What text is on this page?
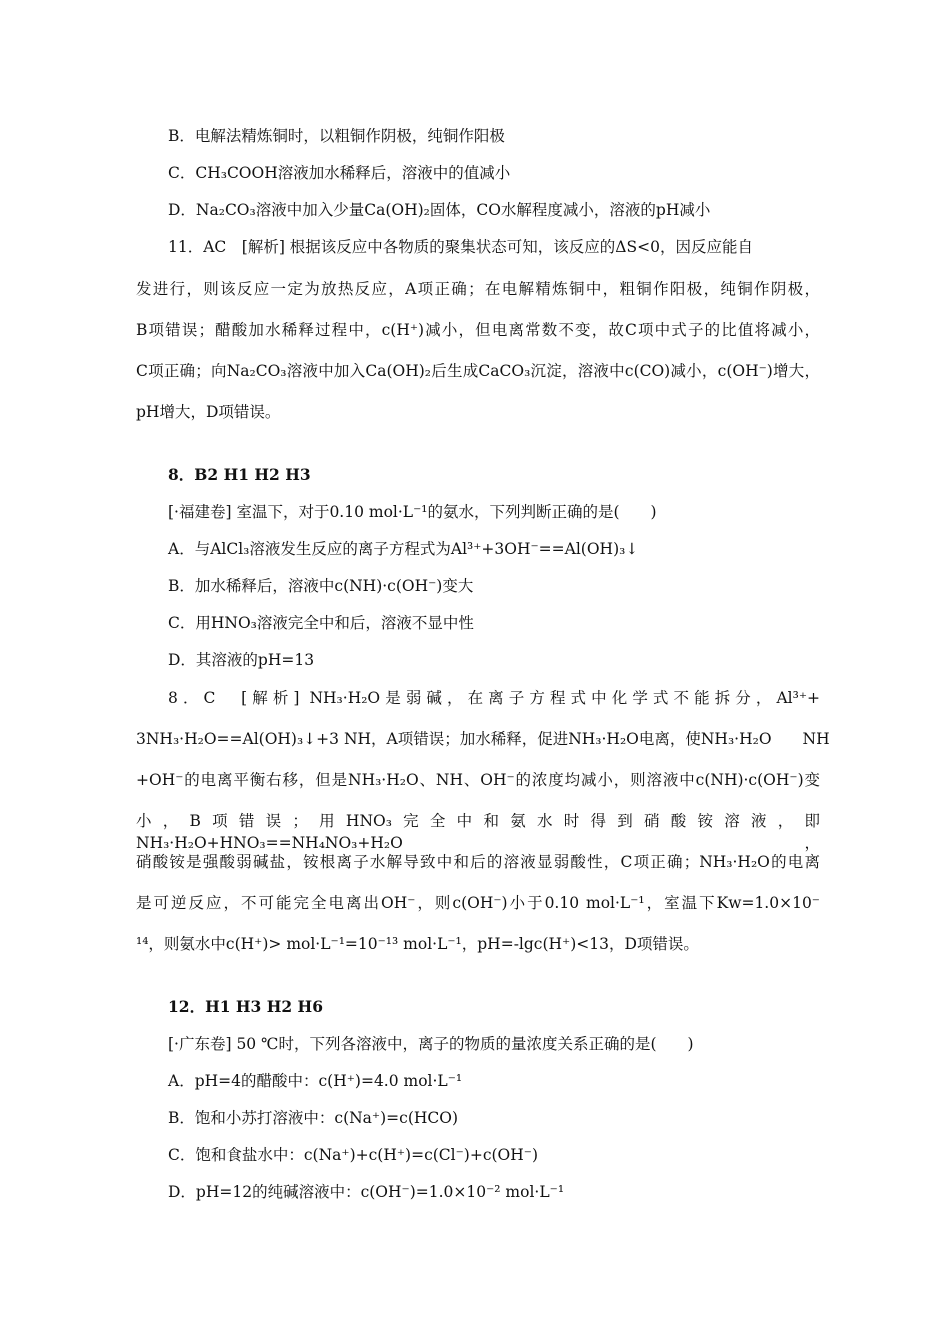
B．电解法精炼铜时，以粗铜作阴极，纯铜作阳极
C．CH₃COOH溶液加水稀释后，溶液中的值减小
D．Na₂CO₃溶液中加入少量Ca(OH)₂固体，CO水解程度减小，溶液的pH减小
11．AC　[解析] 根据该反应中各物质的聚集状态可知，该反应的ΔS<0，因反应能自
发进行，则该反应一定为放热反应，A项正确；在电解精炼铜中，粗铜作阳极，纯铜作阴极，
B项错误；醋酸加水稀释过程中，c(H⁺)减小，但电离常数不变，故C项中式子的比值将减小，
C项正确；向Na₂CO₃溶液中加入Ca(OH)₂后生成CaCO₃沉淀，溶液中c(CO)减小，c(OH⁻)增大，
pH增大，D项错误。
8．B2 H1 H2 H3
[·福建卷] 室温下，对于0.10 mol·L⁻¹的氨水，下列判断正确的是(　　)
A．与AlCl₃溶液发生反应的离子方程式为Al³⁺+3OH⁻==Al(OH)₃↓
B．加水稀释后，溶液中c(NH)·c(OH⁻)变大
C．用HNO₃溶液完全中和后，溶液不显中性
D．其溶液的pH=13
8．C　[解析] NH₃·H₂O是弱碱，在离子方程式中化学式不能拆分，Al³⁺+
3NH₃·H₂O==Al(OH)₃↓+3 NH，A项错误；加水稀释，促进NH₃·H₂O电离，使NH₃·H₂O　　NH
+OH⁻的电离平衡右移，但是NH₃·H₂O、NH、OH⁻的浓度均减小，则溶液中c(NH)·c(OH⁻)变
小，B项错误；用HNO₃完全中和氨水时得到硝酸铵溶液，即NH₃·H₂O+HNO₃==NH₄NO₃+H₂O，
硝酸铵是强酸弱碱盐，铵根离子水解导致中和后的溶液显弱酸性，C项正确；NH₃·H₂O的电离
是可逆反应，不可能完全电离出OH⁻，则c(OH⁻)小于0.10 mol·L⁻¹，室温下Kw=1.0×10⁻
¹⁴，则氨水中c(H⁺)> mol·L⁻¹=10⁻¹³ mol·L⁻¹，pH=-lgc(H⁺)<13，D项错误。
12．H1 H3 H2 H6
[·广东卷] 50 ℃时，下列各溶液中，离子的物质的量浓度关系正确的是(　　)
A．pH=4的醋酸中：c(H⁺)=4.0 mol·L⁻¹
B．饱和小苏打溶液中：c(Na⁺)=c(HCO)
C．饱和食盐水中：c(Na⁺)+c(H⁺)=c(Cl⁻)+c(OH⁻)
D．pH=12的纯碱溶液中：c(OH⁻)=1.0×10⁻² mol·L⁻¹
